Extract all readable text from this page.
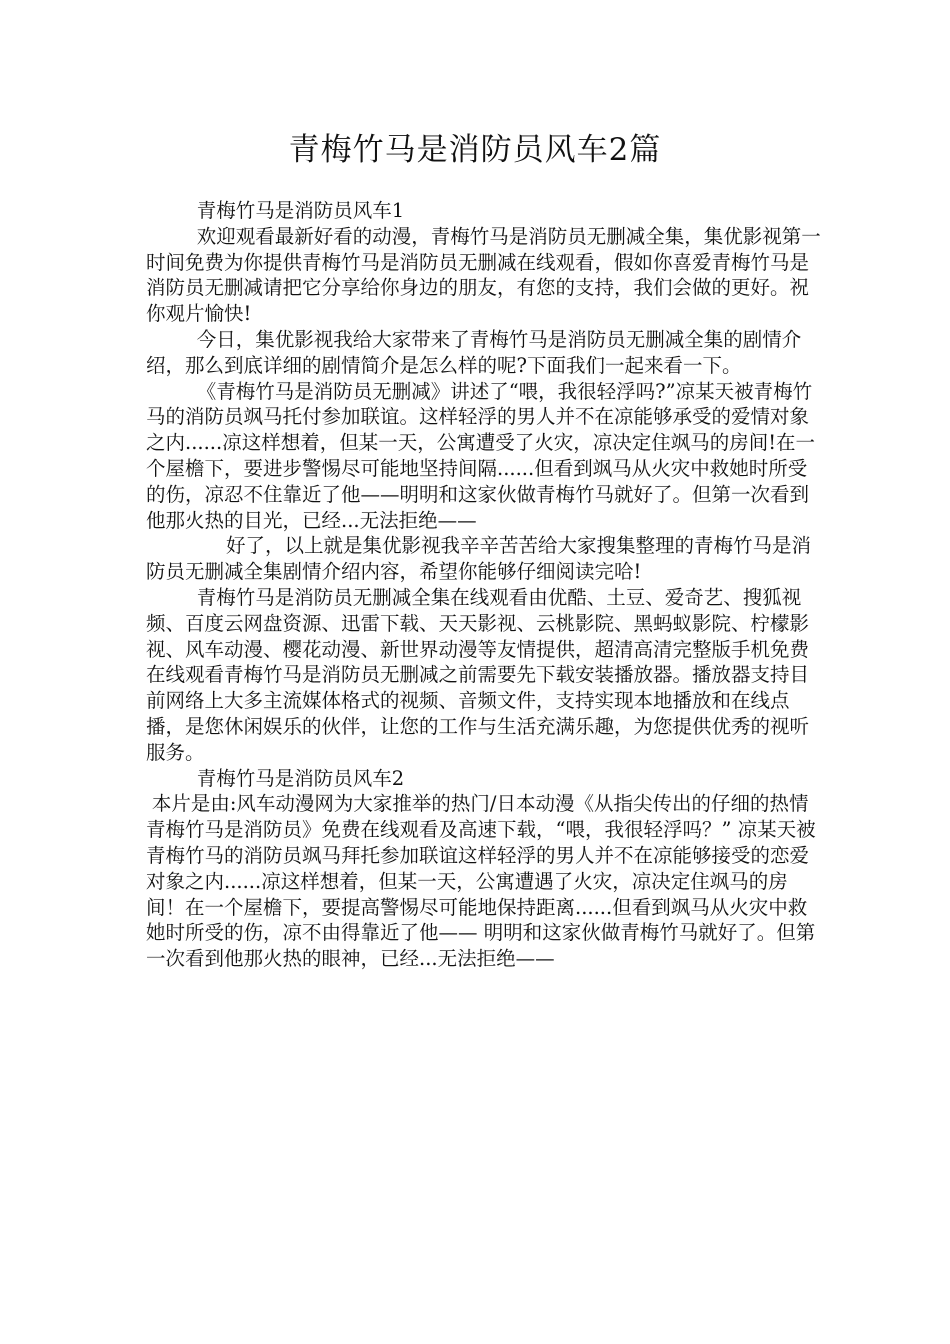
青梅竹马是消防员风车2篇

青梅竹马是消防员风车1

欢迎观看最新好看的动漫，青梅竹马是消防员无删减全集，集优影视第一时间免费为你提供青梅竹马是消防员无删减在线观看，假如你喜爱青梅竹马是消防员无删减请把它分享给你身边的朋友，有您的支持，我们会做的更好。祝你观片愉快!

今日，集优影视我给大家带来了青梅竹马是消防员无删减全集的剧情介绍，那么到底详细的剧情简介是怎么样的呢?下面我们一起来看一下。

《青梅竹马是消防员无删减》讲述了“喂，我很轻浮吗?”凉某天被青梅竹马的消防员飒马托付参加联谊。这样轻浮的男人并不在凉能够承受的爱情对象之内......凉这样想着，但某一天，公寓遭受了火灾，凉决定住飒马的房间!在一个屋檐下，要进步警惕尽可能地坚持间隔......但看到飒马从火灾中救她时所受的伤，凉忍不住靠近了他——明明和这家伙做青梅竹马就好了。但第一次看到他那火热的目光，已经...无法拒绝——

好了，以上就是集优影视我辛辛苦苦给大家搜集整理的青梅竹马是消防员无删减全集剧情介绍内容，希望你能够仔细阅读完哈!

青梅竹马是消防员无删减全集在线观看由优酷、土豆、爱奇艺、搜狐视频、百度云网盘资源、迅雷下载、天天影视、云桃影院、黑蚂蚁影院、柠檬影视、风车动漫、樱花动漫、新世界动漫等友情提供，超清高清完整版手机免费在线观看青梅竹马是消防员无删减之前需要先下载安装播放器。播放器支持目前网络上大多主流媒体格式的视频、音频文件，支持实现本地播放和在线点播，是您休闲娱乐的伙伴，让您的工作与生活充满乐趣，为您提供优秀的视听服务。

青梅竹马是消防员风车2

本片是由:风车动漫网为大家推举的热门/日本动漫《从指尖传出的仔细的热情 青梅竹马是消防员》免费在线观看及高速下载，“喂，我很轻浮吗？” 凉某天被青梅竹马的消防员飒马拜托参加联谊这样轻浮的男人并不在凉能够接受的恋爱对象之内......凉这样想着，但某一天，公寓遭遇了火灾，凉决定住飒马的房间！在一个屋檐下，要提高警惕尽可能地保持距离......但看到飒马从火灾中救她时所受的伤，凉不由得靠近了他—— 明明和这家伙做青梅竹马就好了。但第一次看到他那火热的眼神，已经...无法拒绝——
